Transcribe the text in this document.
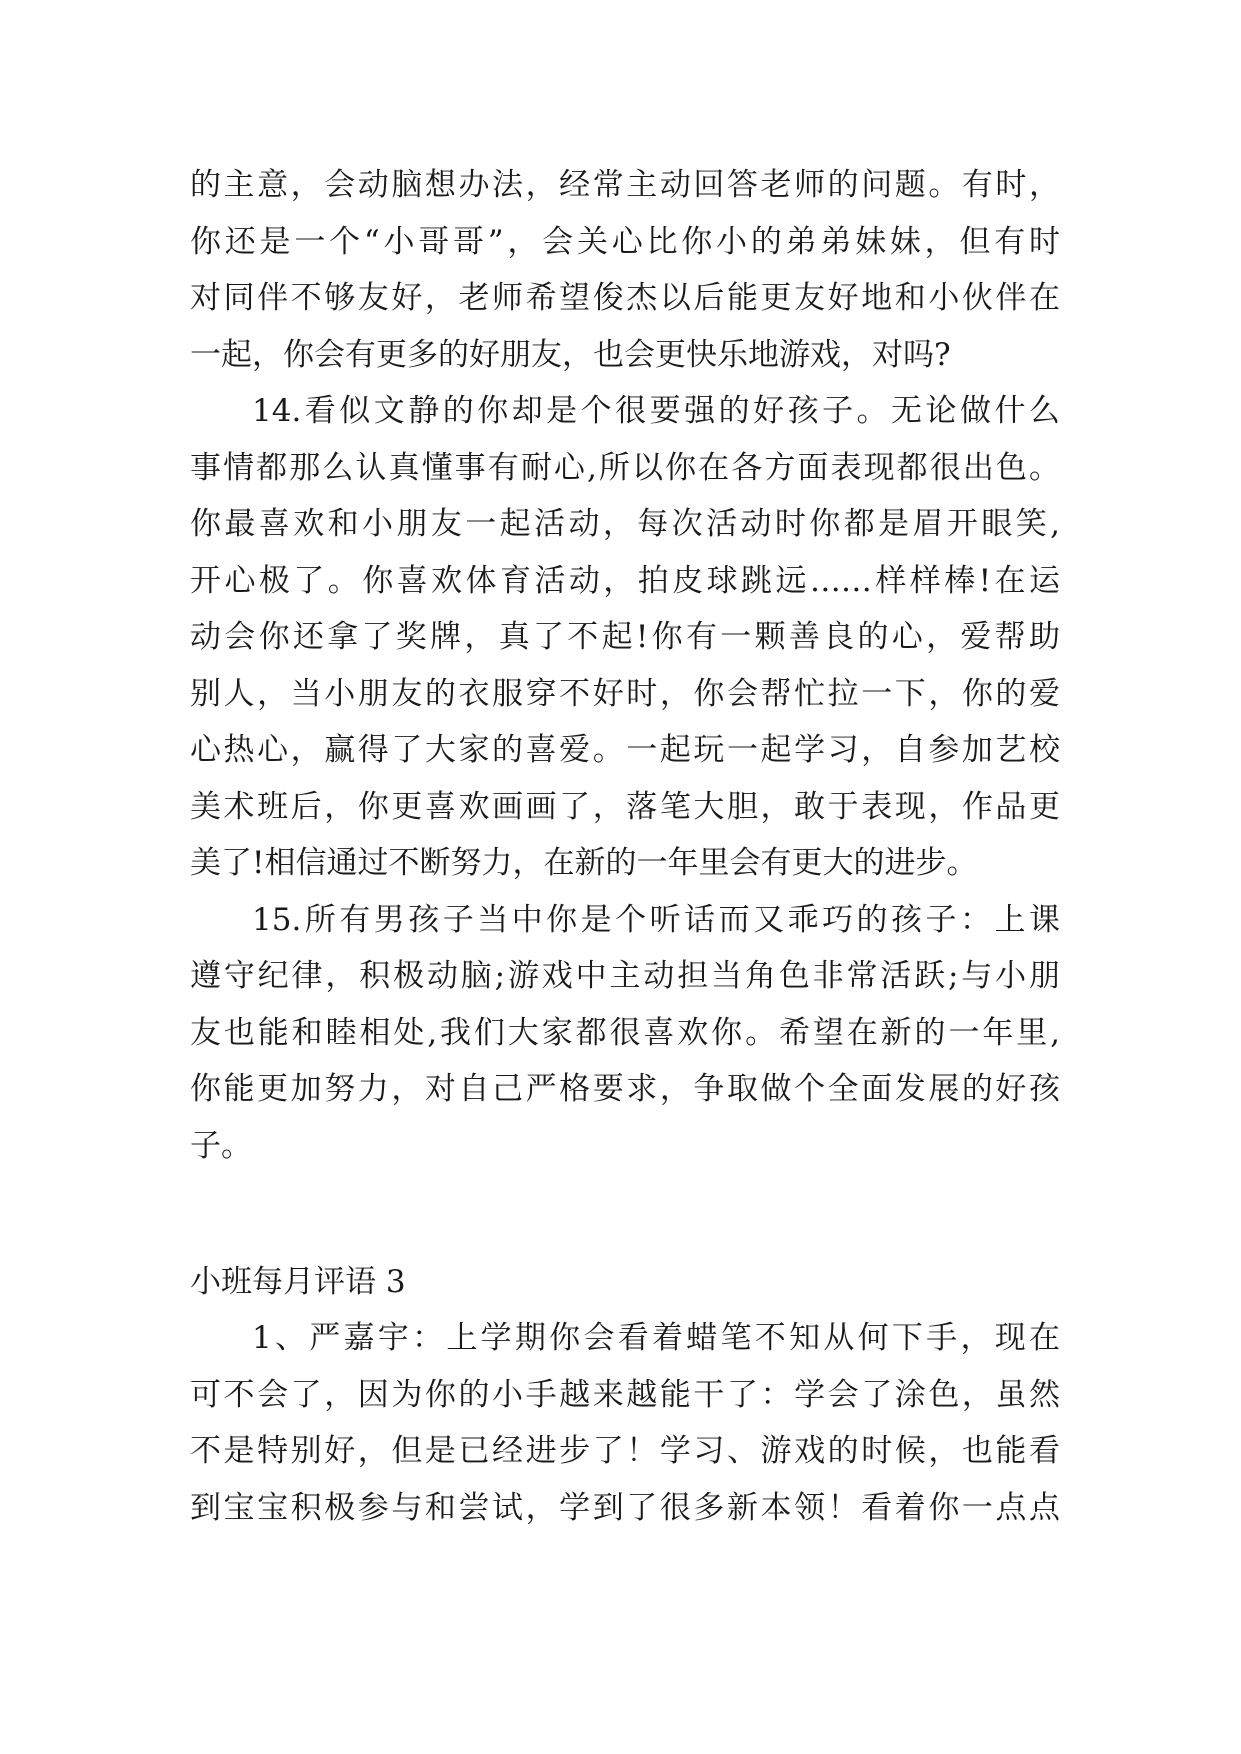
的主意，会动脑想办法，经常主动回答老师的问题。有时，
你还是一个“小哥哥”，会关心比你小的弟弟妹妹，但有时
对同伴不够友好，老师希望俊杰以后能更友好地和小伙伴在
一起，你会有更多的好朋友，也会更快乐地游戏，对吗?
14.看似文静的你却是个很要强的好孩子。无论做什么
事情都那么认真懂事有耐心,所以你在各方面表现都很出色。
你最喜欢和小朋友一起活动，每次活动时你都是眉开眼笑,
开心极了。你喜欢体育活动，拍皮球跳远……样样棒!在运
动会你还拿了奖牌，真了不起!你有一颗善良的心，爱帮助
别人，当小朋友的衣服穿不好时，你会帮忙拉一下，你的爱
心热心，赢得了大家的喜爱。一起玩一起学习，自参加艺校
美术班后，你更喜欢画画了，落笔大胆，敢于表现，作品更
美了!相信通过不断努力，在新的一年里会有更大的进步。
15.所有男孩子当中你是个听话而又乖巧的孩子：上课
遵守纪律，积极动脑;游戏中主动担当角色非常活跃;与小朋
友也能和睦相处,我们大家都很喜欢你。希望在新的一年里,
你能更加努力，对自己严格要求，争取做个全面发展的好孩
子。
小班每月评语 3
1、严嘉宇：上学期你会看着蜡笔不知从何下手，现在
可不会了，因为你的小手越来越能干了：学会了涂色，虽然
不是特别好，但是已经进步了！学习、游戏的时候，也能看
到宝宝积极参与和尝试，学到了很多新本领！看着你一点点
